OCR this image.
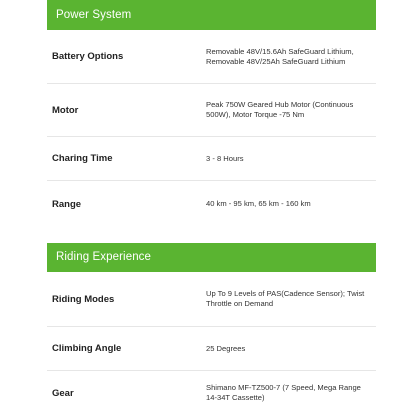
Power System
Battery Options	Removable 48V/15.6Ah SafeGuard Lithium, Removable 48V/25Ah SafeGuard Lithium
Motor	Peak 750W Geared Hub Motor (Continuous 500W), Motor Torque -75 Nm
Charing Time	3 - 8 Hours
Range	40 km - 95 km, 65 km - 160 km
Riding Experience
Riding Modes	Up To 9 Levels of PAS(Cadence Sensor); Twist Throttle on Demand
Climbing Angle	25 Degrees
Gear	Shimano MF-TZ500-7 (7 Speed, Mega Range 14-34T Cassette)
